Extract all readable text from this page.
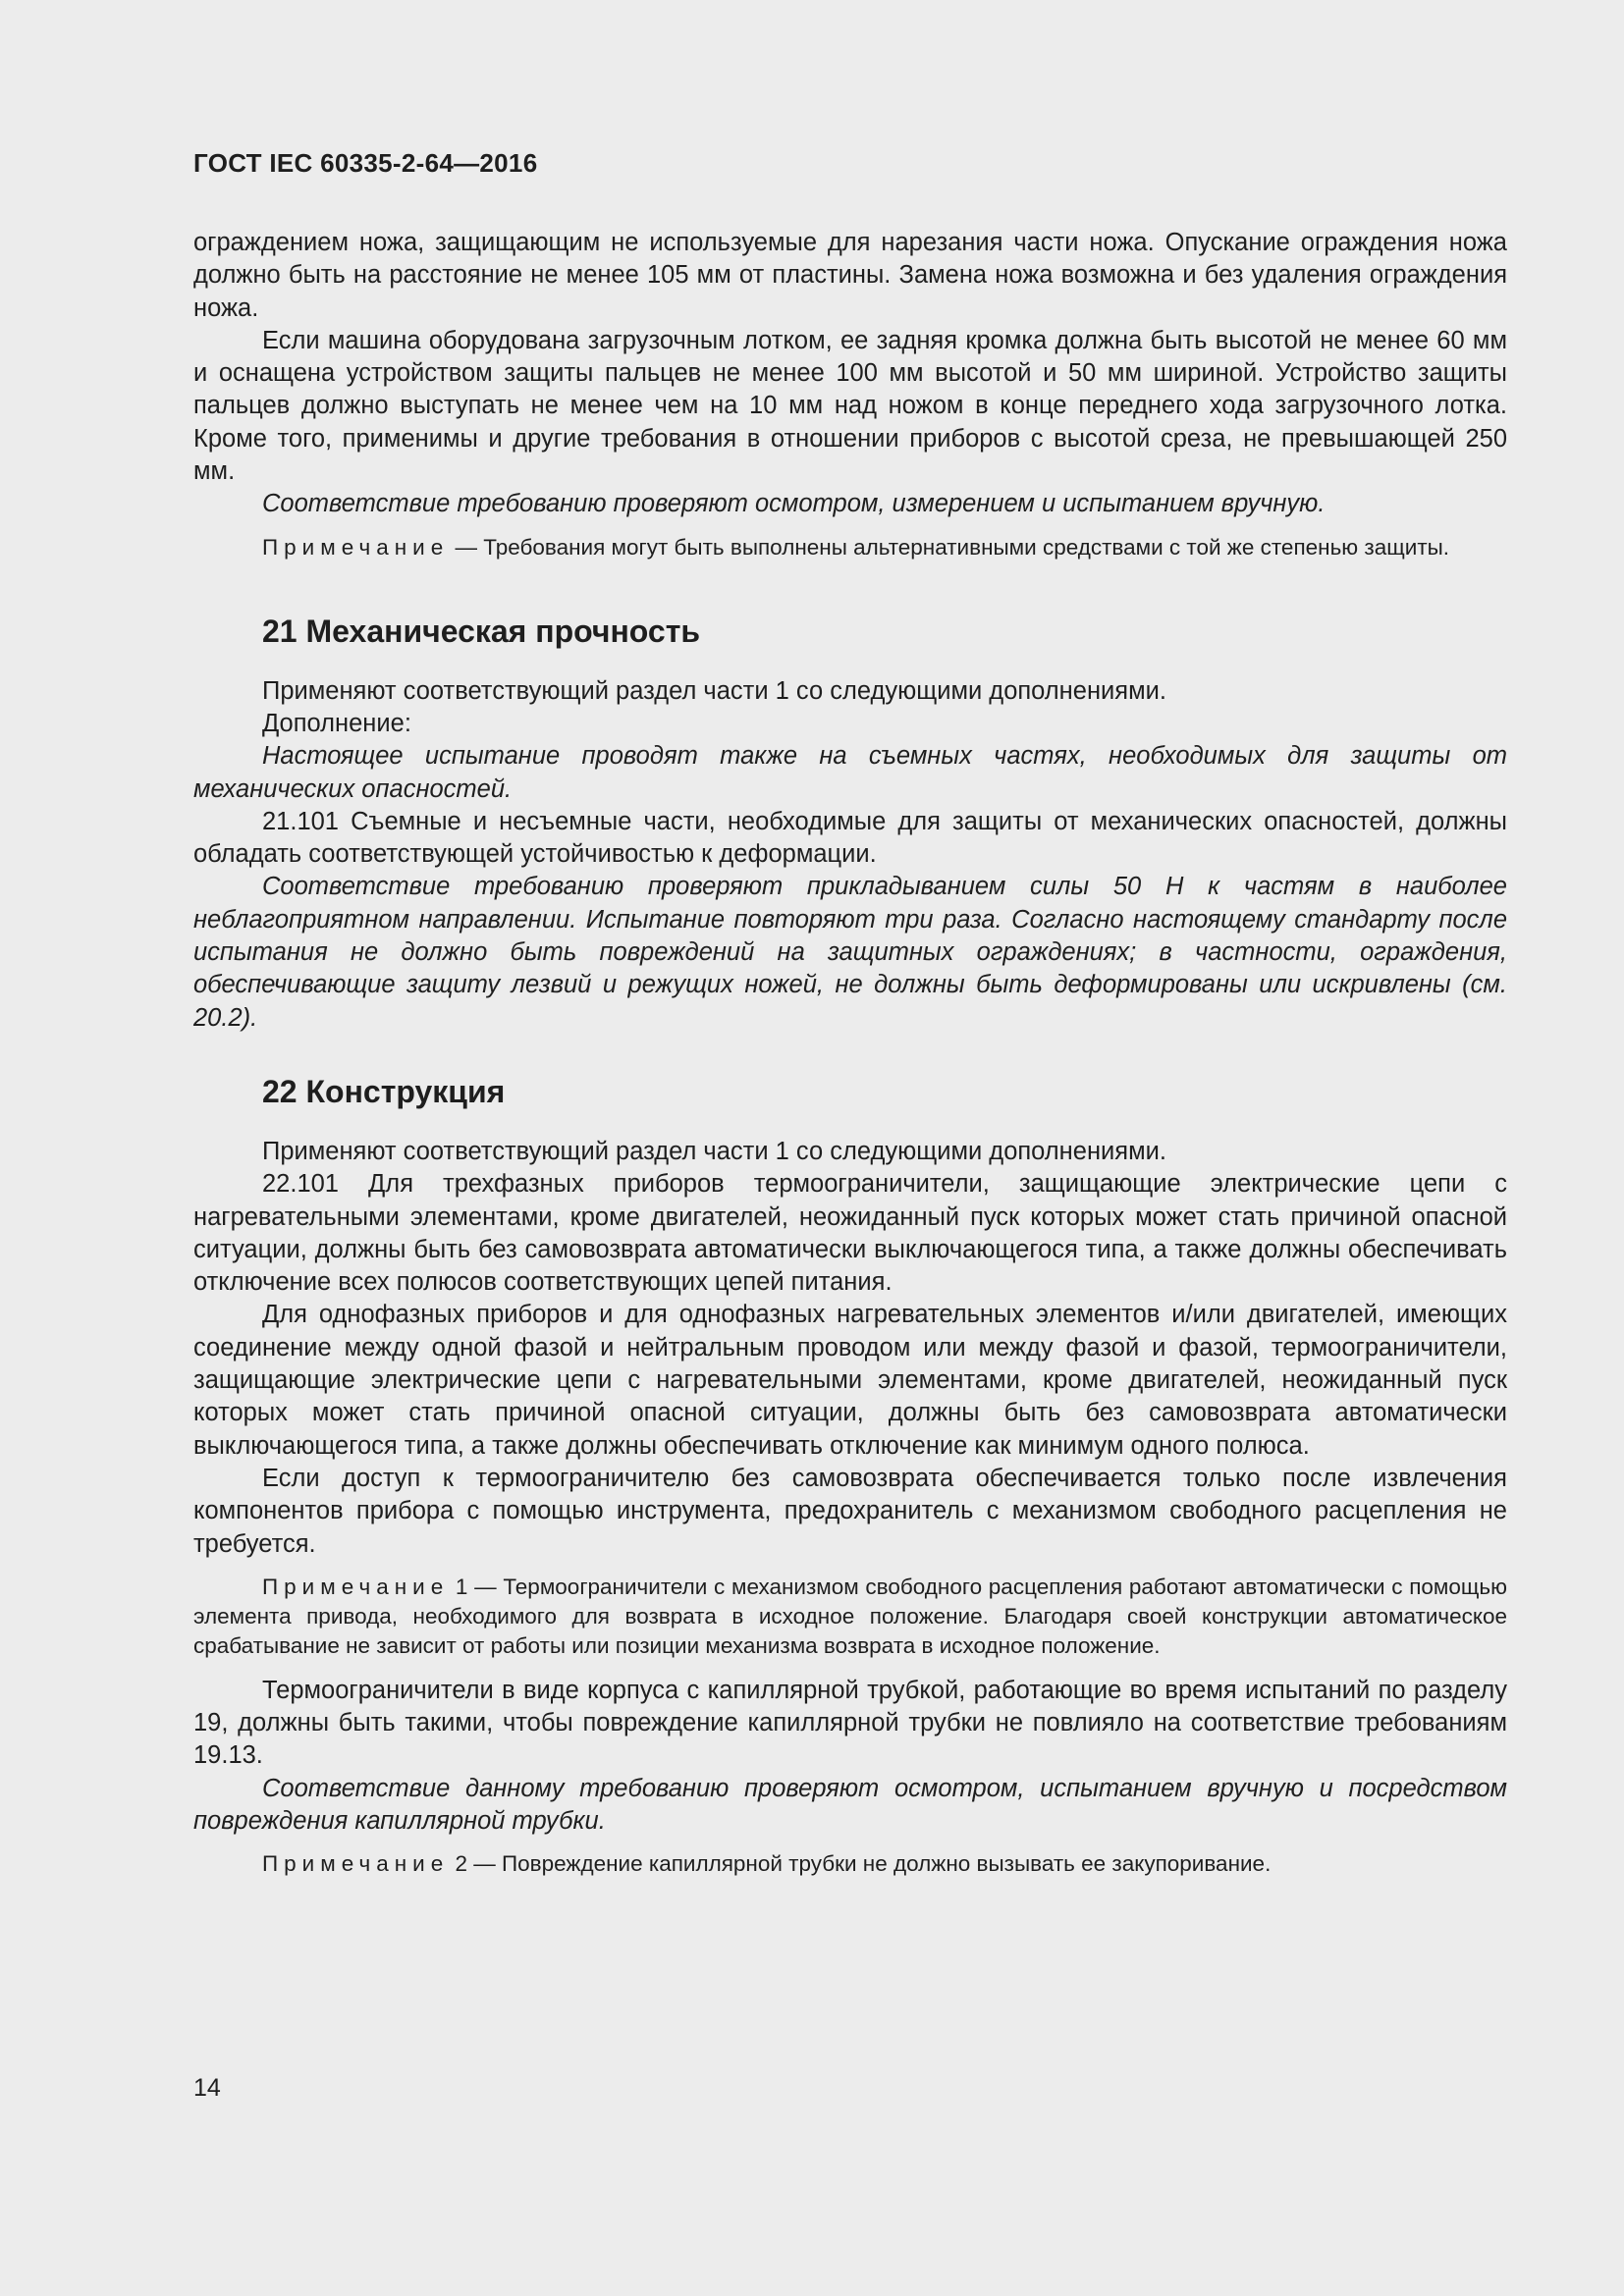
ГОСТ IEC 60335-2-64—2016

ограждением ножа, защищающим не используемые для нарезания части ножа. Опускание ограждения ножа должно быть на расстояние не менее 105 мм от пластины. Замена ножа возможна и без удаления ограждения ножа.

Если машина оборудована загрузочным лотком, ее задняя кромка должна быть высотой не менее 60 мм и оснащена устройством защиты пальцев не менее 100 мм высотой и 50 мм шириной. Устройство защиты пальцев должно выступать не менее чем на 10 мм над ножом в конце переднего хода загрузочного лотка. Кроме того, применимы и другие требования в отношении приборов с высотой среза, не превышающей 250 мм.

Соответствие требованию проверяют осмотром, измерением и испытанием вручную.

Примечание — Требования могут быть выполнены альтернативными средствами с той же степенью защиты.

21 Механическая прочность

Применяют соответствующий раздел части 1 со следующими дополнениями.

Дополнение:

Настоящее испытание проводят также на съемных частях, необходимых для защиты от механических опасностей.

21.101 Съемные и несъемные части, необходимые для защиты от механических опасностей, должны обладать соответствующей устойчивостью к деформации.

Соответствие требованию проверяют прикладыванием силы 50 Н к частям в наиболее неблагоприятном направлении. Испытание повторяют три раза. Согласно настоящему стандарту после испытания не должно быть повреждений на защитных ограждениях; в частности, ограждения, обеспечивающие защиту лезвий и режущих ножей, не должны быть деформированы или искривлены (см. 20.2).

22 Конструкция

Применяют соответствующий раздел части 1 со следующими дополнениями.

22.101 Для трехфазных приборов термоограничители, защищающие электрические цепи с нагревательными элементами, кроме двигателей, неожиданный пуск которых может стать причиной опасной ситуации, должны быть без самовозврата автоматически выключающегося типа, а также должны обеспечивать отключение всех полюсов соответствующих цепей питания.

Для однофазных приборов и для однофазных нагревательных элементов и/или двигателей, имеющих соединение между одной фазой и нейтральным проводом или между фазой и фазой, термоограничители, защищающие электрические цепи с нагревательными элементами, кроме двигателей, неожиданный пуск которых может стать причиной опасной ситуации, должны быть без самовозврата автоматически выключающегося типа, а также должны обеспечивать отключение как минимум одного полюса.

Если доступ к термоограничителю без самовозврата обеспечивается только после извлечения компонентов прибора с помощью инструмента, предохранитель с механизмом свободного расцепления не требуется.

Примечание 1 — Термоограничители с механизмом свободного расцепления работают автоматически с помощью элемента привода, необходимого для возврата в исходное положение. Благодаря своей конструкции автоматическое срабатывание не зависит от работы или позиции механизма возврата в исходное положение.

Термоограничители в виде корпуса с капиллярной трубкой, работающие во время испытаний по разделу 19, должны быть такими, чтобы повреждение капиллярной трубки не повлияло на соответствие требованиям 19.13.

Соответствие данному требованию проверяют осмотром, испытанием вручную и посредством повреждения капиллярной трубки.

Примечание 2 — Повреждение капиллярной трубки не должно вызывать ее закупоривание.

14
